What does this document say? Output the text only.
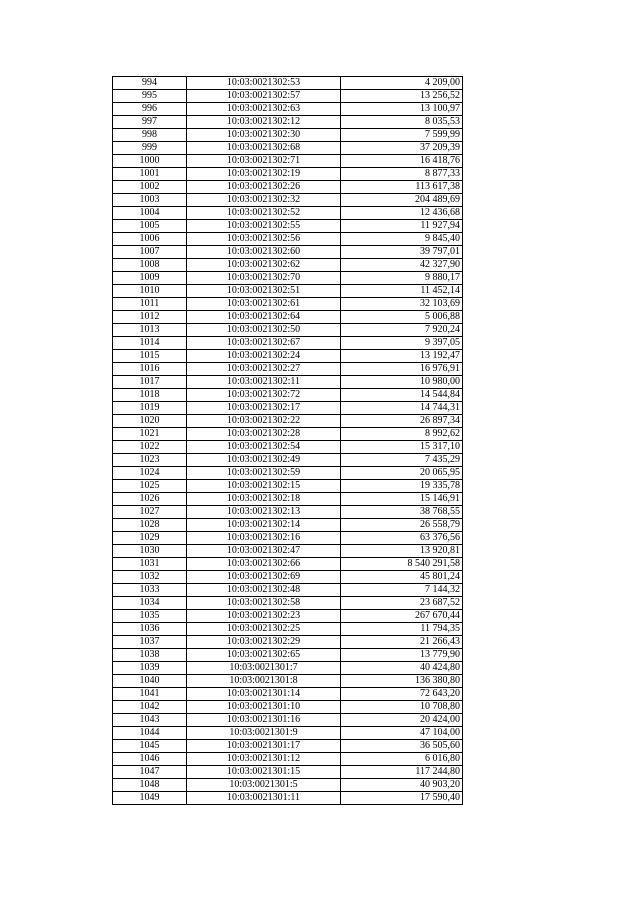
994	10:03:0021302:53	4 209,00
995	10:03:0021302:57	13 256,52
996	10:03:0021302:63	13 100,97
997	10:03:0021302:12	8 035,53
998	10:03:0021302:30	7 599,99
999	10:03:0021302:68	37 209,39
1000	10:03:0021302:71	16 418,76
1001	10:03:0021302:19	8 877,33
1002	10:03:0021302:26	113 617,38
1003	10:03:0021302:32	204 489,69
1004	10:03:0021302:52	12 436,68
1005	10:03:0021302:55	11 927,94
1006	10:03:0021302:56	9 845,40
1007	10:03:0021302:60	39 797,01
1008	10:03:0021302:62	42 327,90
1009	10:03:0021302:70	9 880,17
1010	10:03:0021302:51	11 452,14
1011	10:03:0021302:61	32 103,69
1012	10:03:0021302:64	5 006,88
1013	10:03:0021302:50	7 920,24
1014	10:03:0021302:67	9 397,05
1015	10:03:0021302:24	13 192,47
1016	10:03:0021302:27	16 976,91
1017	10:03:0021302:11	10 980,00
1018	10:03:0021302:72	14 544,84
1019	10:03:0021302:17	14 744,31
1020	10:03:0021302:22	26 897,34
1021	10:03:0021302:28	8 992,62
1022	10:03:0021302:54	15 317,10
1023	10:03:0021302:49	7 435,29
1024	10:03:0021302:59	20 065,95
1025	10:03:0021302:15	19 335,78
1026	10:03:0021302:18	15 146,91
1027	10:03:0021302:13	38 768,55
1028	10:03:0021302:14	26 558,79
1029	10:03:0021302:16	63 376,56
1030	10:03:0021302:47	13 920,81
1031	10:03:0021302:66	8 540 291,58
1032	10:03:0021302:69	45 801,24
1033	10:03:0021302:48	7 144,32
1034	10:03:0021302:58	23 687,52
1035	10:03:0021302:23	267 670,44
1036	10:03:0021302:25	11 794,35
1037	10:03:0021302:29	21 266,43
1038	10:03:0021302:65	13 779,90
1039	10:03:0021301:7	40 424,80
1040	10:03:0021301:8	136 380,80
1041	10:03:0021301:14	72 643,20
1042	10:03:0021301:10	10 708,80
1043	10:03:0021301:16	20 424,00
1044	10:03:0021301:9	47 104,00
1045	10:03:0021301:17	36 505,60
1046	10:03:0021301:12	6 016,80
1047	10:03:0021301:15	117 244,80
1048	10:03:0021301:5	40 903,20
1049	10:03:0021301:11	17 590,40
